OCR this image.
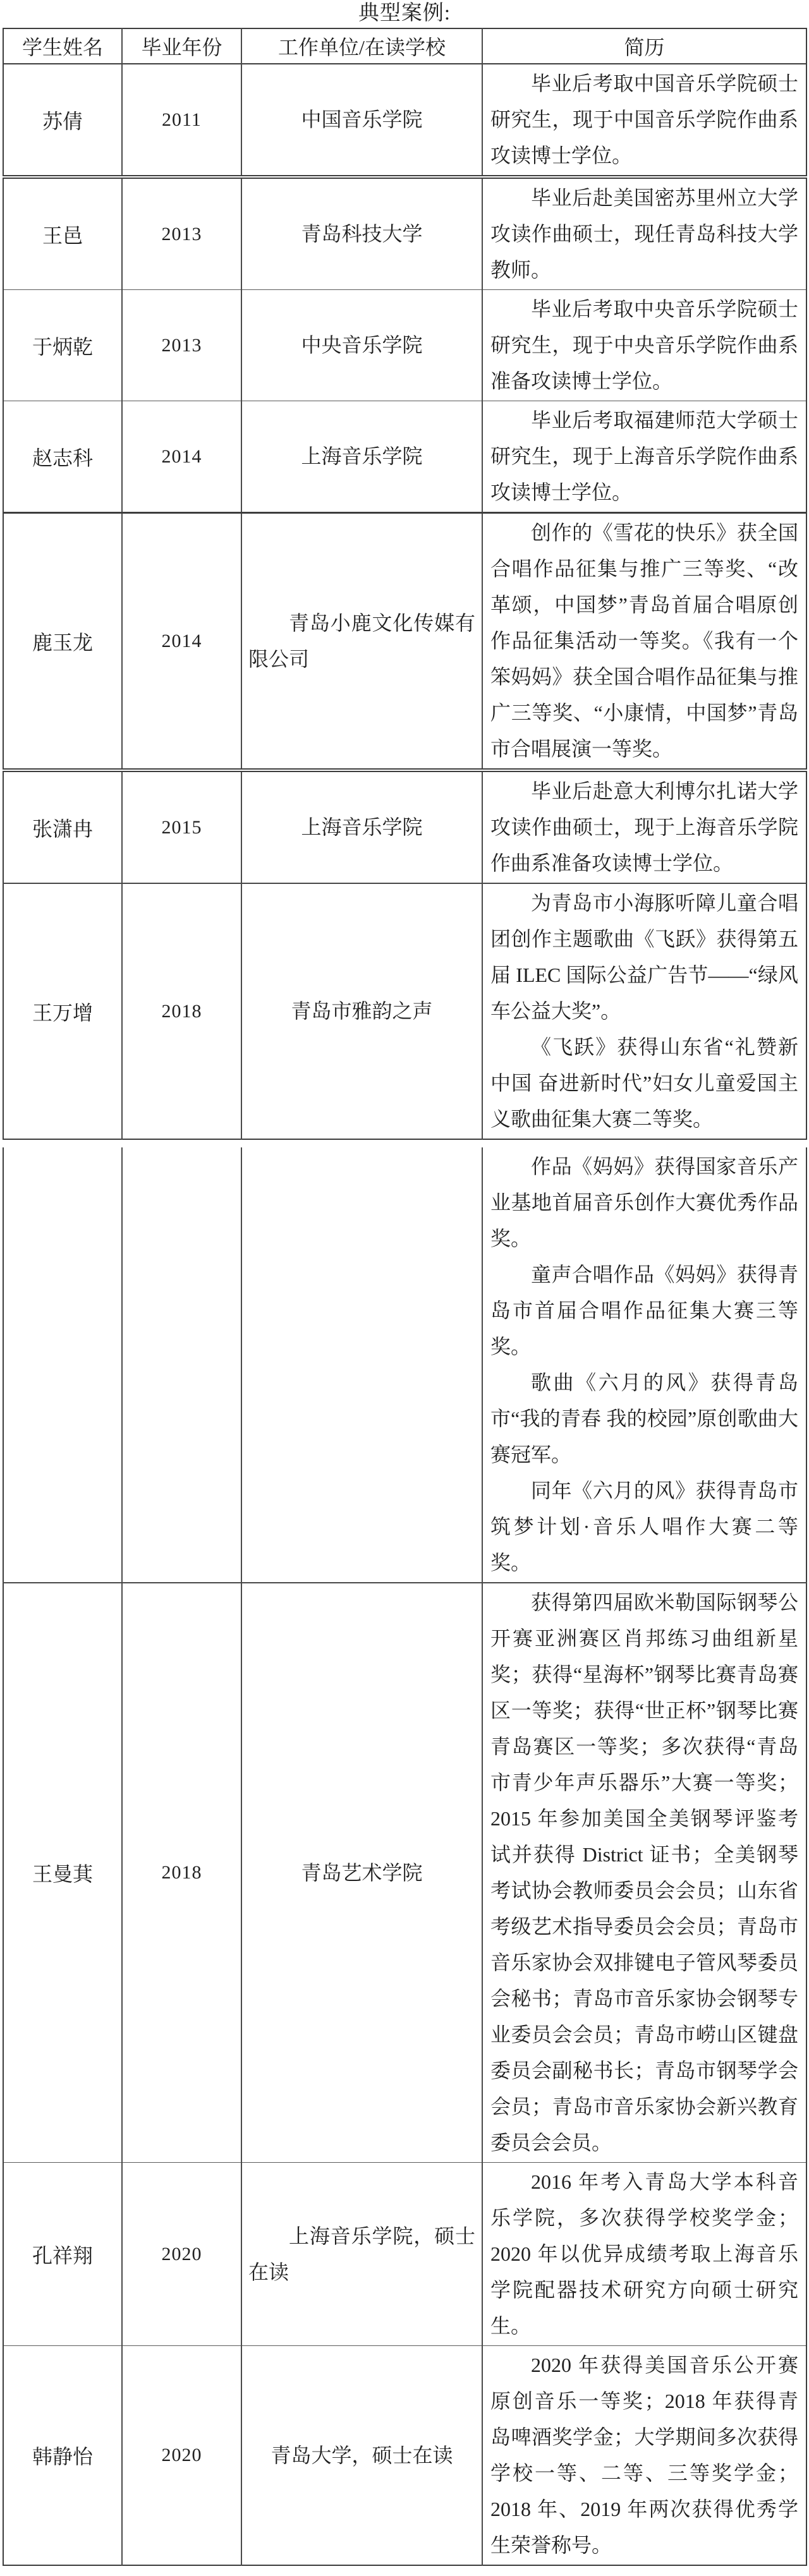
典型案例:
学生姓名	毕业年份	工作单位/在读学校	简历
苏倩	2011	中国音乐学院	毕业后考取中国音乐学院硕士研究生，现于中国音乐学院作曲系攻读博士学位。

王邑	2013	青岛科技大学	毕业后赴美国密苏里州立大学攻读作曲硕士，现任青岛科技大学教师。

于炳乾	2013	中央音乐学院	毕业后考取中央音乐学院硕士研究生，现于中央音乐学院作曲系准备攻读博士学位。

赵志科	2014	上海音乐学院	毕业后考取福建师范大学硕士研究生，现于上海音乐学院作曲系攻读博士学位。

鹿玉龙	2014	青岛小鹿文化传媒有限公司	创作的《雪花的快乐》获全国合唱作品征集与推广三等奖、“改革颂，中国梦”青岛首届合唱原创作品征集活动一等奖。《我有一个笨妈妈》获全国合唱作品征集与推广三等奖、“小康情，中国梦”青岛市合唱展演一等奖。

张潇冉	2015	上海音乐学院	毕业后赴意大利博尔扎诺大学攻读作曲硕士，现于上海音乐学院作曲系准备攻读博士学位。

王万增	2018	青岛市雅韵之声	为青岛市小海豚听障儿童合唱团创作主题歌曲《飞跃》获得第五届 ILEC 国际公益广告节——“绿风车公益大奖”。

《飞跃》获得山东省“礼赞新中国 奋进新时代”妇女儿童爱国主义歌曲征集大赛二等奖。

			作品《妈妈》获得国家音乐产业基地首届音乐创作大赛优秀作品奖。

童声合唱作品《妈妈》获得青岛市首届合唱作品征集大赛三等奖。

歌曲《六月的风》获得青岛市“我的青春 我的校园”原创歌曲大赛冠军。

同年《六月的风》获得青岛市 筑梦计划·音乐人唱作大赛二等奖。

王曼萁	2018	青岛艺术学院	获得第四届欧米勒国际钢琴公开赛亚洲赛区肖邦练习曲组新星奖；获得“星海杯”钢琴比赛青岛赛区一等奖；获得“世正杯”钢琴比赛青岛赛区一等奖；多次获得“青岛市青少年声乐器乐”大赛一等奖；2015 年参加美国全美钢琴评鉴考试并获得 District 证书；全美钢琴考试协会教师委员会会员；山东省考级艺术指导委员会会员；青岛市音乐家协会双排键电子管风琴委员会秘书；青岛市音乐家协会钢琴专业委员会会员；青岛市崂山区键盘委员会副秘书长；青岛市钢琴学会会员；青岛市音乐家协会新兴教育委员会会员。

孔祥翔	2020	上海音乐学院，硕士在读	2016 年考入青岛大学本科音乐学院，多次获得学校奖学金；2020 年以优异成绩考取上海音乐学院配器技术研究方向硕士研究生。

韩静怡	2020	青岛大学，硕士在读	2020 年获得美国音乐公开赛原创音乐一等奖；2018 年获得青岛啤酒奖学金；大学期间多次获得学校一等、二等、三等奖学金；2018 年、2019 年两次获得优秀学生荣誉称号。
